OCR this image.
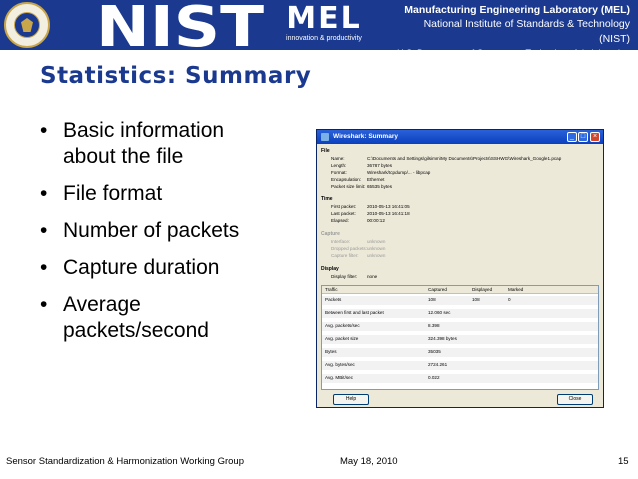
NIST MEL
innovation & productivity
Manufacturing Engineering Laboratory (MEL)
National Institute of Standards & Technology (NIST)
U.S. Department of Commerce, Technology Administration
Statistics: Summary
• Basic information about the file
• File format
• Number of packets
• Capture duration
• Average packets/second
Wireshark: Summary	_ □	×
File
Name:	C:\Documents and Settings\gilsimm\My Documents\Projects\SSHWG\Wireshark_Google1.pcap
Length:	36787 bytes
Format:	Wireshark/tcpdump/... - libpcap
Encapsulation: Ethernet
Packet size limit: 65535 bytes
Time
First packet: 2010-05-13 16:41:05
Last packet: 2010-05-13 16:41:18
Elapsed:	00:00:12
Capture
Interface:	unknown
Dropped packets: unknown
Capture filter: unknown
Display
Display filter: none
Traffic	Captured	Displayed	Marked
Packets	108	108	0
Between first and last packet	12.060 sec
Avg. packets/sec	8.398
Avg. packet size	324.398 bytes
Bytes	35035
Avg. bytes/sec	2724.261
Avg. MBit/sec	0.022
Help	Close
Sensor Standardization & Harmonization Working Group	May 18, 2010	15
